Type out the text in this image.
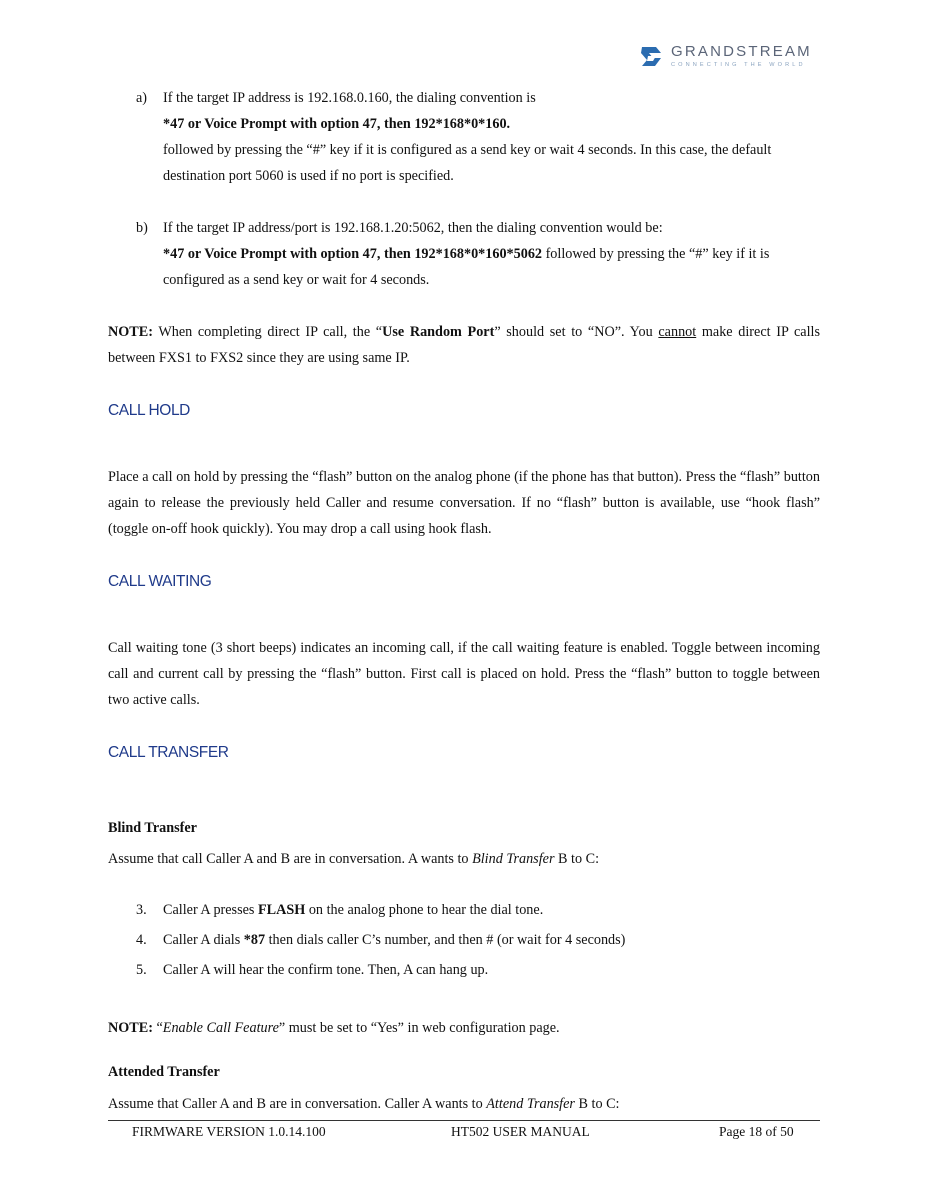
GRANDSTREAM
CONNECTING THE WORLD
a) If the target IP address is 192.168.0.160, the dialing convention is
*47 or Voice Prompt with option 47, then 192*168*0*160.
followed by pressing the “#” key if it is configured as a send key or wait 4 seconds. In this case, the default destination port 5060 is used if no port is specified.

b) If the target IP address/port is 192.168.1.20:5062, then the dialing convention would be:
*47 or Voice Prompt with option 47, then 192*168*0*160*5062 followed by pressing the “#” key if it is configured as a send key or wait for 4 seconds.

NOTE: When completing direct IP call, the “Use Random Port” should set to “NO”. You cannot make direct IP calls between FXS1 to FXS2 since they are using same IP.

CALL HOLD

Place a call on hold by pressing the “flash” button on the analog phone (if the phone has that button). Press the “flash” button again to release the previously held Caller and resume conversation. If no “flash” button is available, use “hook flash” (toggle on-off hook quickly). You may drop a call using hook flash.

CALL WAITING

Call waiting tone (3 short beeps) indicates an incoming call, if the call waiting feature is enabled. Toggle between incoming call and current call by pressing the “flash” button. First call is placed on hold. Press the “flash” button to toggle between two active calls.

CALL TRANSFER

Blind Transfer

Assume that call Caller A and B are in conversation. A wants to Blind Transfer B to C:

3. Caller A presses FLASH on the analog phone to hear the dial tone.

4. Caller A dials *87 then dials caller C’s number, and then # (or wait for 4 seconds)

5. Caller A will hear the confirm tone. Then, A can hang up.

NOTE: “Enable Call Feature” must be set to “Yes” in web configuration page.

Attended Transfer

Assume that Caller A and B are in conversation. Caller A wants to Attend Transfer B to C:

FIRMWARE VERSION 1.0.14.100	HT502 USER MANUAL	Page 18 of 50
